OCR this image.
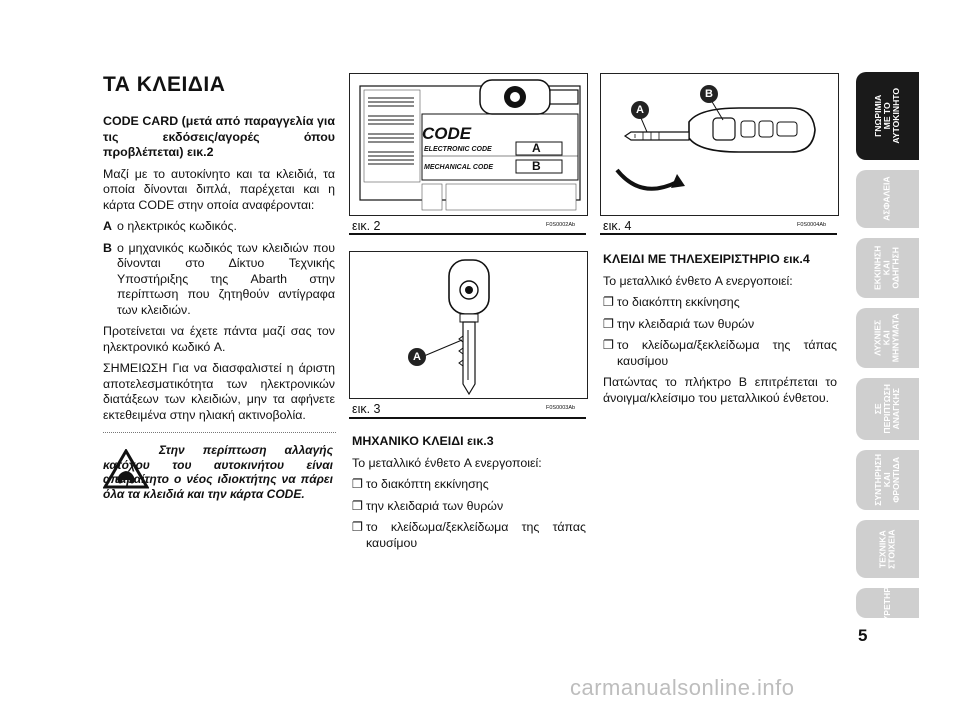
ΤΑ ΚΛΕΙΔΙΑ

CODE CARD (μετά από παραγγελία για τις εκδόσεις/αγορές όπου προβλέπεται) εικ.2

Μαζί με το αυτοκίνητο και τα κλειδιά, τα οποία δίνονται διπλά, παρέχεται και η κάρτα CODE στην οποία αναφέρονται:

A ο ηλεκτρικός κωδικός.
B ο μηχανικός κωδικός των κλειδιών που δίνονται στο Δίκτυο Τεχνικής Υποστήριξης της Abarth στην περίπτωση που ζητηθούν αντίγραφα των κλειδιών.

Προτείνεται να έχετε πάντα μαζί σας τον ηλεκτρονικό κωδικό A.

ΣΗΜΕΙΩΣΗ Για να διασφαλιστεί η άριστη αποτελεσματικότητα των ηλεκτρονικών διατάξεων των κλειδιών, μην τα αφήνετε εκτεθειμένα στην ηλιακή ακτινοβολία.

Στην περίπτωση αλλαγής κατόχου του αυτοκινήτου είναι απαραίτητο ο νέος ιδιοκτήτης να πάρει όλα τα κλειδιά και την κάρτα CODE.
CODE
ELECTRONIC CODE
MECHANICAL CODE
A
B
εικ. 2	F0S0002Ab
A
εικ. 3	F0S0003Ab

ΜΗΧΑΝΙΚΟ ΚΛΕΙΔΙ εικ.3

Το μεταλλικό ένθετο A ενεργοποιεί:

❐ το διακόπτη εκκίνησης
❐ την κλειδαριά των θυρών
❐ το κλείδωμα/ξεκλείδωμα της τάπας καυσίμου
A
B
εικ. 4	F0S0004Ab

ΚΛΕΙΔΙ ΜΕ ΤΗΛΕΧΕΙΡΙΣΤΗΡΙΟ εικ.4

Το μεταλλικό ένθετο A ενεργοποιεί:

❐ το διακόπτη εκκίνησης
❐ την κλειδαριά των θυρών
❐ το κλείδωμα/ξεκλείδωμα της τάπας καυσίμου

Πατώντας το πλήκτρο B επιτρέπεται το άνοιγμα/κλείσιμο του μεταλλικού ένθετου.

ΓΝΩΡΙΜΙΑ
ΜΕ ΤΟ
ΑΥΤΟΚΙΝΗΤΟ
ΑΣΦΑΛΕΙΑ
ΕΚΚΙΝΗΣΗ
ΚΑΙ
ΟΔΗΓΗΣΗ
ΛΥΧΝΙΕΣ
ΚΑΙ
ΜΗΝΥΜΑΤΑ
ΣΕ
ΠΕΡΙΠΤΩΣΗ
ΑΝΑΓΚΗΣ
ΣΥΝΤΗΡΗΣΗ
ΚΑΙ
ΦΡΟΝΤΙΔΑ
ΤΕΧΝΙΚΑ
ΣΤΟΙΧΕΙΑ
ΕΥΡΕΤΗΡΙΟ
5
carmanualsonline.info
